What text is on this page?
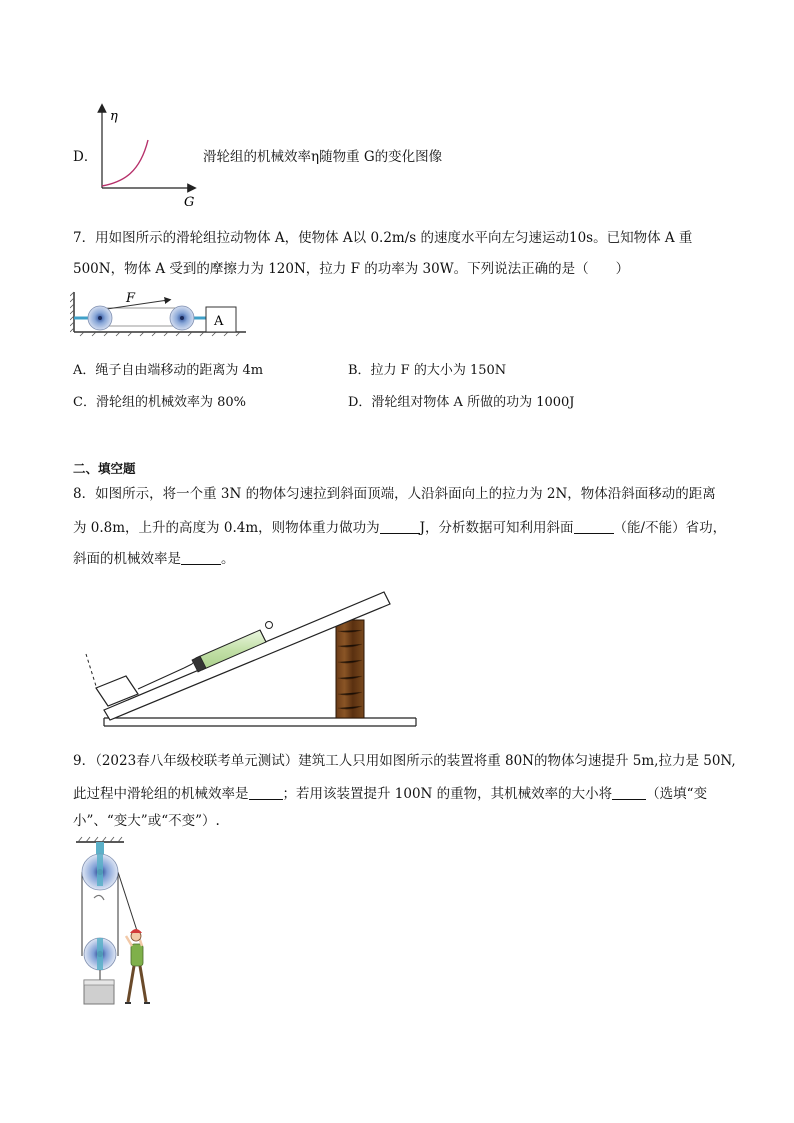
D．
η
G
滑轮组的机械效率η随物重 G的变化图像
7．用如图所示的滑轮组拉动物体 A，使物体 A以 0.2m/s 的速度水平向左匀速运动10s。已知物体 A 重
500N，物体 A 受到的摩擦力为 120N，拉力 F 的功率为 30W。下列说法正确的是（　　）
A
F
A．绳子自由端移动的距离为 4m	B．拉力 F 的大小为 150N
C．滑轮组的机械效率为 80%	D．滑轮组对物体 A 所做的功为 1000J
二、填空题
8．如图所示，将一个重 3N 的物体匀速拉到斜面顶端，人沿斜面向上的拉力为 2N，物体沿斜面移动的距离
为 0.8m，上升的高度为 0.4m，则物体重力做功为	J，分析数据可知利用斜面	（能/不能）省功，
斜面的机械效率是	。
9．（2023春八年级校联考单元测试）建筑工人只用如图所示的装置将重 80N的物体匀速提升 5m,拉力是 50N,
此过程中滑轮组的机械效率是	；若用该装置提升 100N 的重物，其机械效率的大小将	（选填“变
小”、“变大”或“不变”）.
